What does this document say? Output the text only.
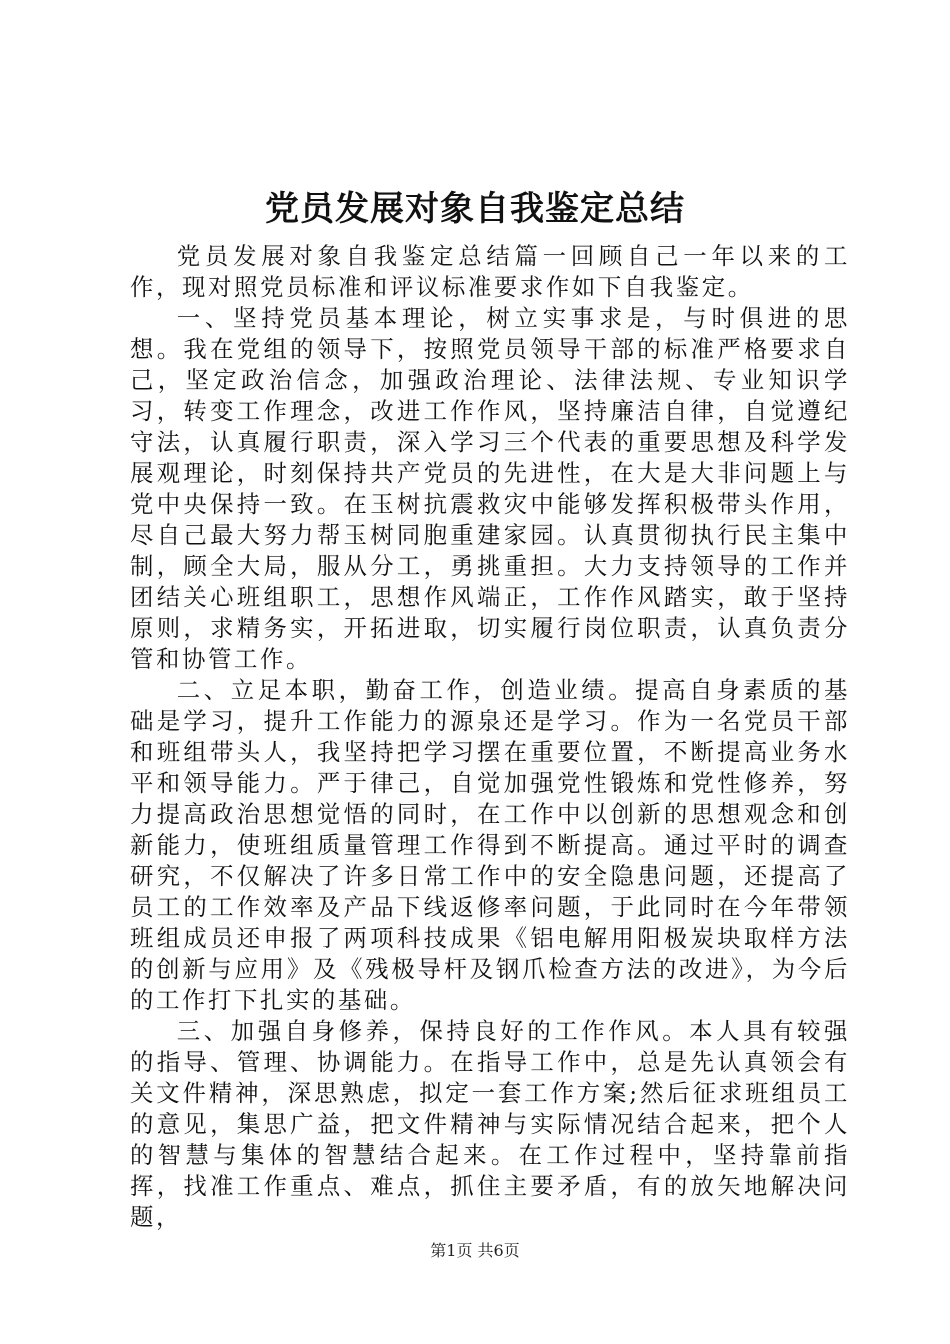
党员发展对象自我鉴定总结

党员发展对象自我鉴定总结篇一回顾自己一年以来的工作，现对照党员标准和评议标准要求作如下自我鉴定。

一、坚持党员基本理论，树立实事求是，与时俱进的思想。我在党组的领导下，按照党员领导干部的标准严格要求自己，坚定政治信念，加强政治理论、法律法规、专业知识学习，转变工作理念，改进工作作风，坚持廉洁自律，自觉遵纪守法，认真履行职责，深入学习三个代表的重要思想及科学发展观理论，时刻保持共产党员的先进性，在大是大非问题上与党中央保持一致。在玉树抗震救灾中能够发挥积极带头作用，尽自己最大努力帮玉树同胞重建家园。认真贯彻执行民主集中制，顾全大局，服从分工，勇挑重担。大力支持领导的工作并团结关心班组职工，思想作风端正，工作作风踏实，敢于坚持原则，求精务实，开拓进取，切实履行岗位职责，认真负责分管和协管工作。

二、立足本职，勤奋工作，创造业绩。提高自身素质的基础是学习，提升工作能力的源泉还是学习。作为一名党员干部和班组带头人，我坚持把学习摆在重要位置，不断提高业务水平和领导能力。严于律己，自觉加强党性锻炼和党性修养，努力提高政治思想觉悟的同时，在工作中以创新的思想观念和创新能力，使班组质量管理工作得到不断提高。通过平时的调查研究，不仅解决了许多日常工作中的安全隐患问题，还提高了员工的工作效率及产品下线返修率问题，于此同时在今年带领班组成员还申报了两项科技成果《铝电解用阳极炭块取样方法的创新与应用》及《残极导杆及钢爪检查方法的改进》，为今后的工作打下扎实的基础。

三、加强自身修养，保持良好的工作作风。本人具有较强的指导、管理、协调能力。在指导工作中，总是先认真领会有关文件精神，深思熟虑，拟定一套工作方案;然后征求班组员工的意见，集思广益，把文件精神与实际情况结合起来，把个人的智慧与集体的智慧结合起来。在工作过程中，坚持靠前指挥，找准工作重点、难点，抓住主要矛盾，有的放矢地解决问题，

第1页 共6页
